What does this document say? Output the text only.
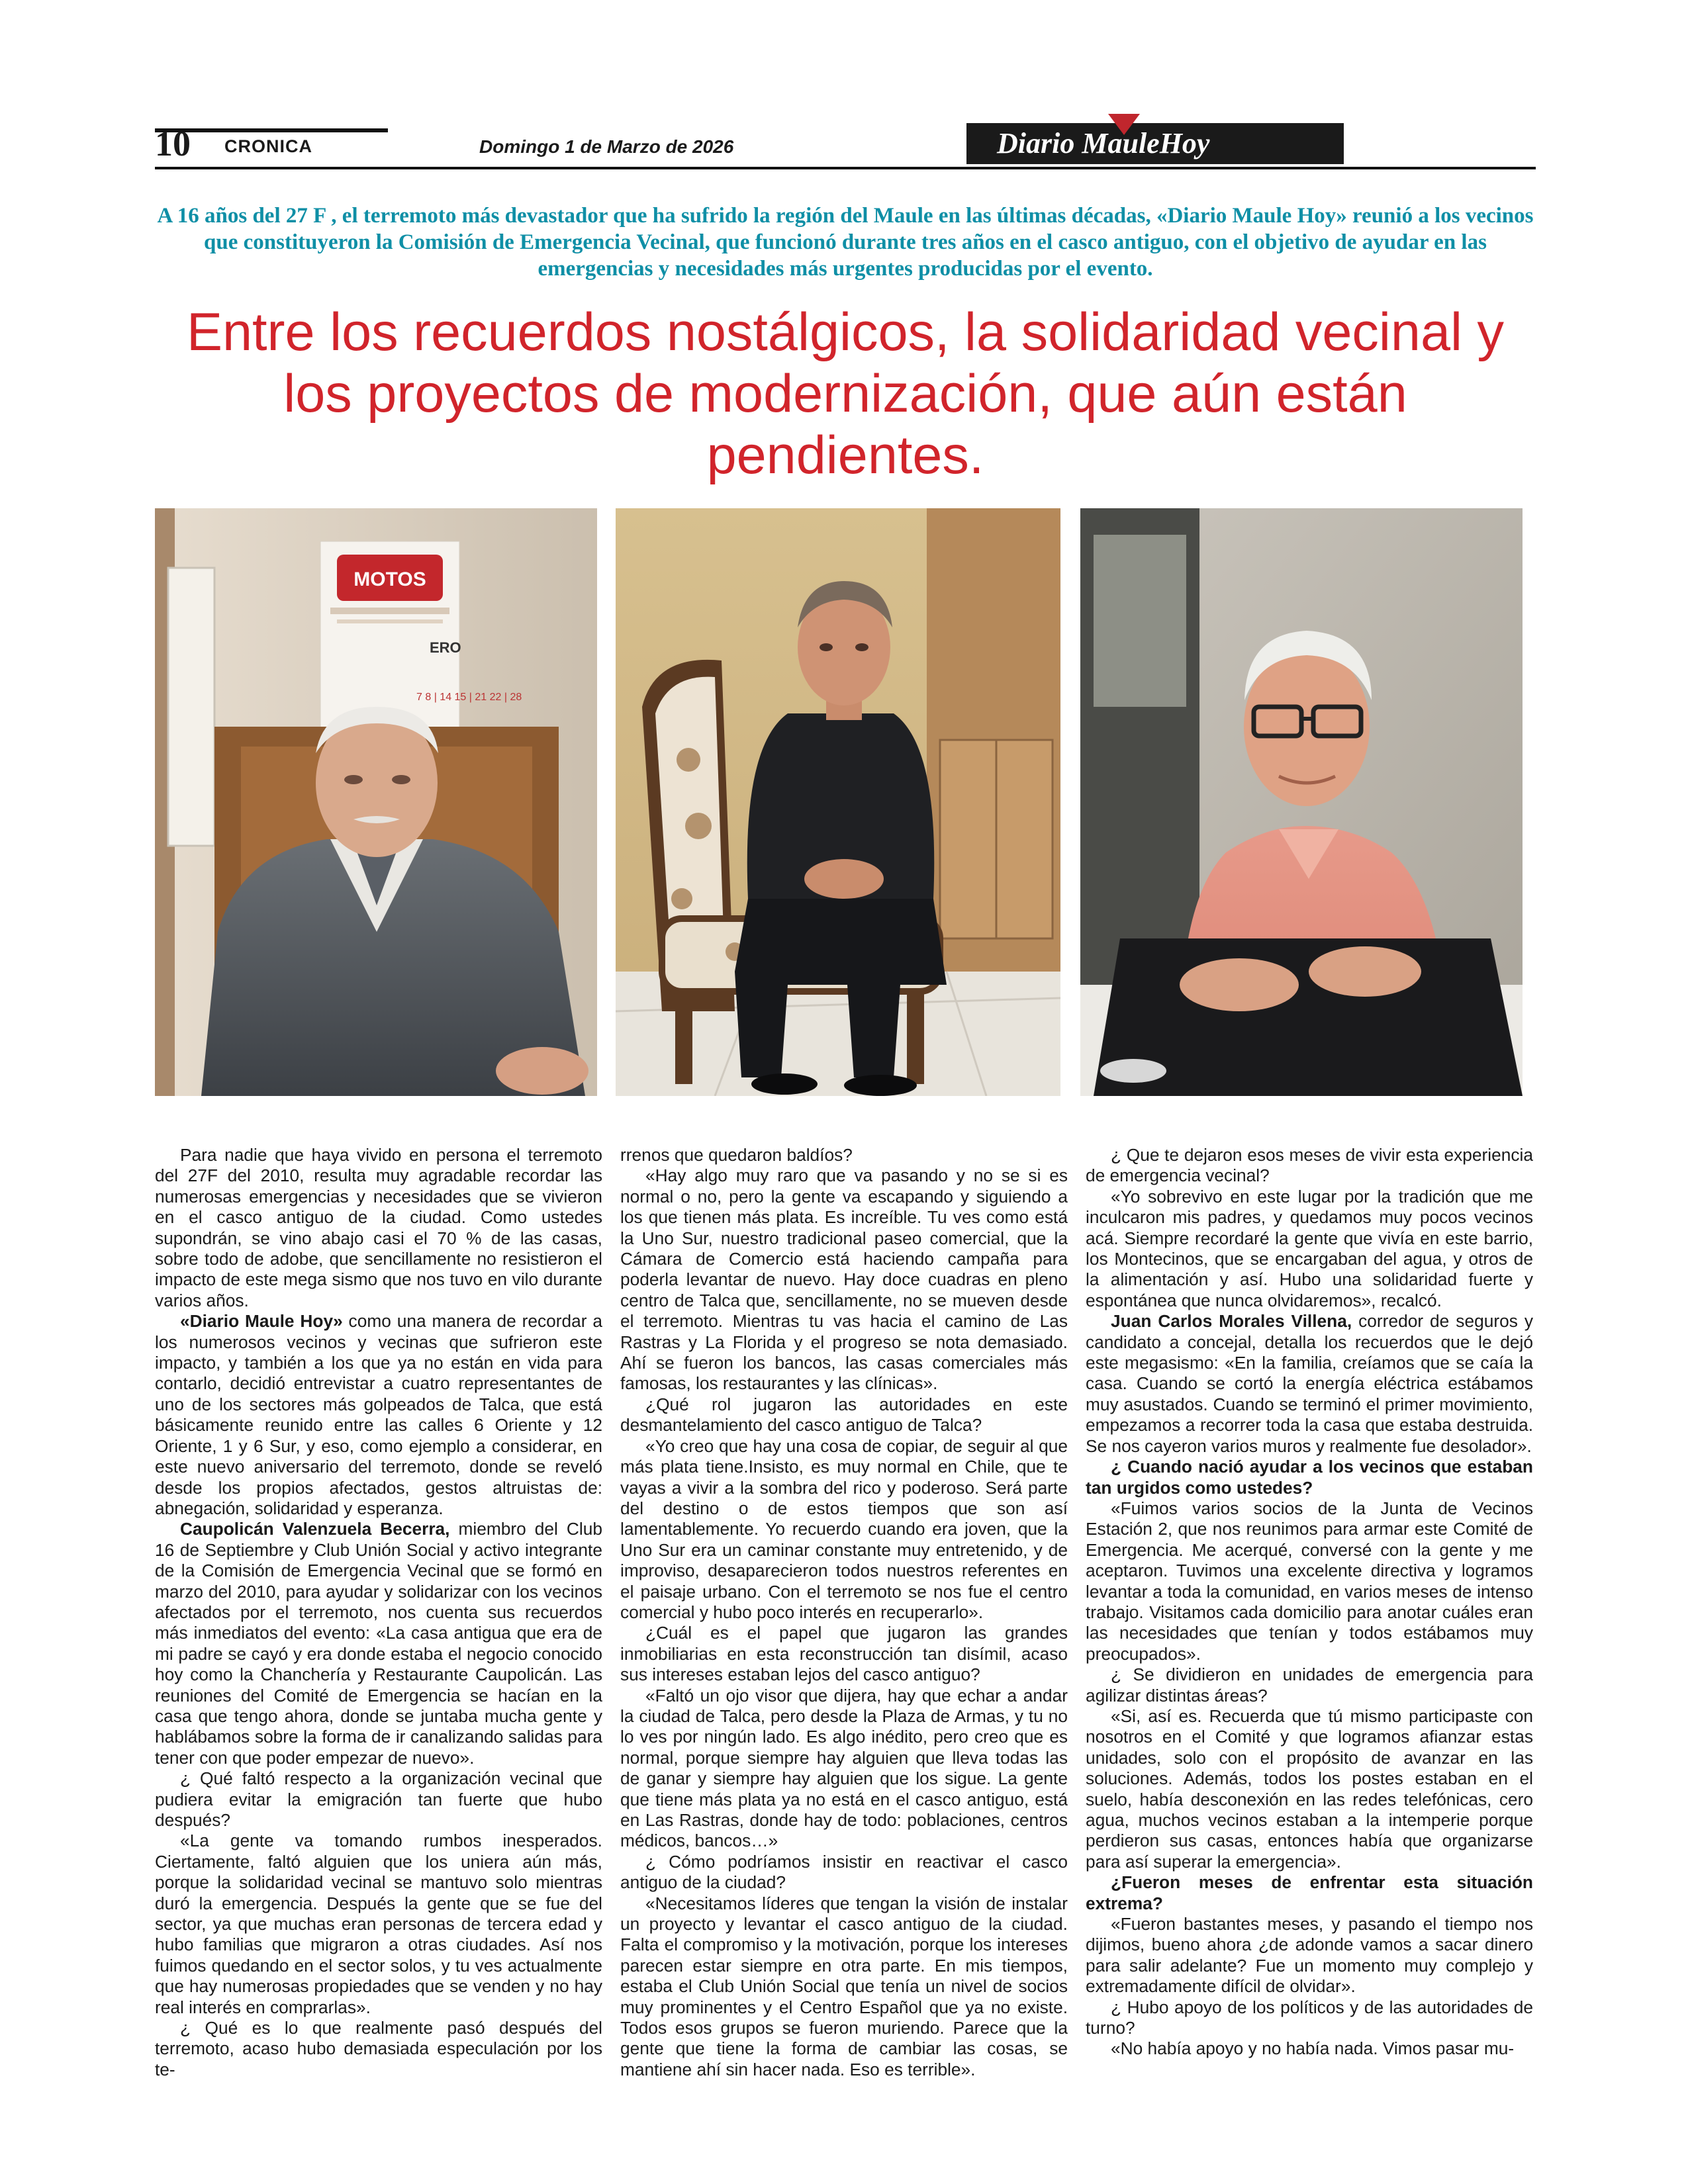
10 CRONICA	Domingo 1 de Marzo de 2026	Diario MauleHoy
A 16 años del 27 F , el terremoto más devastador que ha sufrido la región del Maule en las últimas décadas, «Diario Maule Hoy» reunió a los vecinos que constituyeron la Comisión de Emergencia Vecinal, que funcionó durante tres años en el casco antiguo, con el objetivo de ayudar en las emergencias y necesidades más urgentes producidas por el evento.
Entre los recuerdos nostálgicos, la solidaridad vecinal y los proyectos de modernización, que aún están pendientes.
MOTOS
ERO
7 8 | 14 15 | 21 22 | 28

Para nadie que haya vivido en persona el terremoto del 27F del 2010, resulta muy agradable recordar las numerosas emergencias y necesidades que se vivieron en el casco antiguo de la ciudad. Como ustedes supondrán, se vino abajo casi el 70 % de las casas, sobre todo de adobe, que sencillamente no resistieron el impacto de este mega sismo que nos tuvo en vilo durante varios años.

«Diario Maule Hoy» como una manera de recordar a los numerosos vecinos y vecinas que sufrieron este impacto, y también a los que ya no están en vida para contarlo, decidió entrevistar a cuatro representantes de uno de los sectores más golpeados de Talca, que está básicamente reunido entre las calles 6 Oriente y 12 Oriente, 1 y 6 Sur, y eso, como ejemplo a considerar, en este nuevo aniversario del terremoto, donde se reveló desde los propios afectados, gestos altruistas de: abnegación, solidaridad y esperanza.

Caupolicán Valenzuela Becerra, miembro del Club 16 de Septiembre y Club Unión Social y activo integrante de la Comisión de Emergencia Vecinal que se formó en marzo del 2010, para ayudar y solidarizar con los vecinos afectados por el terremoto, nos cuenta sus recuerdos más inmediatos del evento: «La casa antigua que era de mi padre se cayó y era donde estaba el negocio conocido hoy como la Chanchería y Restaurante Caupolicán. Las reuniones del Comité de Emergencia se hacían en la casa que tengo ahora, donde se juntaba mucha gente y hablábamos sobre la forma de ir canalizando salidas para tener con que poder empezar de nuevo».

¿ Qué faltó respecto a la organización vecinal que pudiera evitar la emigración tan fuerte que hubo después?

«La gente va tomando rumbos inesperados. Ciertamente, faltó alguien que los uniera aún más, porque la solidaridad vecinal se mantuvo solo mientras duró la emergencia. Después la gente que se fue del sector, ya que muchas eran personas de tercera edad y hubo familias que migraron a otras ciudades. Así nos fuimos quedando en el sector solos, y tu ves actualmente que hay numerosas propiedades que se venden y no hay real interés en comprarlas».

¿ Qué es lo que realmente pasó después del terremoto, acaso hubo demasiada especulación por los te-

rrenos que quedaron baldíos?

«Hay algo muy raro que va pasando y no se si es normal o no, pero la gente va escapando y siguiendo a los que tienen más plata. Es increíble. Tu ves como está la Uno Sur, nuestro tradicional paseo comercial, que la Cámara de Comercio está haciendo campaña para poderla levantar de nuevo. Hay doce cuadras en pleno centro de Talca que, sencillamente, no se mueven desde el terremoto. Mientras tu vas hacia el camino de Las Rastras y La Florida y el progreso se nota demasiado. Ahí se fueron los bancos, las casas comerciales más famosas, los restaurantes y las clínicas».

¿Qué rol jugaron las autoridades en este desmantelamiento del casco antiguo de Talca?

«Yo creo que hay una cosa de copiar, de seguir al que más plata tiene.Insisto, es muy normal en Chile, que te vayas a vivir a la sombra del rico y poderoso. Será parte del destino o de estos tiempos que son así lamentablemente. Yo recuerdo cuando era joven, que la Uno Sur era un caminar constante muy entretenido, y de improviso, desaparecieron todos nuestros referentes en el paisaje urbano. Con el terremoto se nos fue el centro comercial y hubo poco interés en recuperarlo».

¿Cuál es el papel que jugaron las grandes inmobiliarias en esta reconstrucción tan disímil, acaso sus intereses estaban lejos del casco antiguo?

«Faltó un ojo visor que dijera, hay que echar a andar la ciudad de Talca, pero desde la Plaza de Armas, y tu no lo ves por ningún lado. Es algo inédito, pero creo que es normal, porque siempre hay alguien que lleva todas las de ganar y siempre hay alguien que los sigue. La gente que tiene más plata ya no está en el casco antiguo, está en Las Rastras, donde hay de todo: poblaciones, centros médicos, bancos…»

¿ Cómo podríamos insistir en reactivar el casco antiguo de la ciudad?

«Necesitamos líderes que tengan la visión de instalar un proyecto y levantar el casco antiguo de la ciudad. Falta el compromiso y la motivación, porque los intereses parecen estar siempre en otra parte. En mis tiempos, estaba el Club Unión Social que tenía un nivel de socios muy prominentes y el Centro Español que ya no existe. Todos esos grupos se fueron muriendo. Parece que la gente que tiene la forma de cambiar las cosas, se mantiene ahí sin hacer nada. Eso es terrible».

¿ Que te dejaron esos meses de vivir esta experiencia de emergencia vecinal?

«Yo sobrevivo en este lugar por la tradición que me inculcaron mis padres, y quedamos muy pocos vecinos acá. Siempre recordaré la gente que vivía en este barrio, los Montecinos, que se encargaban del agua, y otros de la alimentación y así. Hubo una solidaridad fuerte y espontánea que nunca olvidaremos», recalcó.

Juan Carlos Morales Villena, corredor de seguros y candidato a concejal, detalla los recuerdos que le dejó este megasismo: «En la familia, creíamos que se caía la casa. Cuando se cortó la energía eléctrica estábamos muy asustados. Cuando se terminó el primer movimiento, empezamos a recorrer toda la casa que estaba destruida. Se nos cayeron varios muros y realmente fue desolador».

¿ Cuando nació ayudar a los vecinos que estaban tan urgidos como ustedes?

«Fuimos varios socios de la Junta de Vecinos Estación 2, que nos reunimos para armar este Comité de Emergencia. Me acerqué, conversé con la gente y me aceptaron. Tuvimos una excelente directiva y logramos levantar a toda la comunidad, en varios meses de intenso trabajo. Visitamos cada domicilio para anotar cuáles eran las necesidades que tenían y todos estábamos muy preocupados».

¿ Se dividieron en unidades de emergencia para agilizar distintas áreas?

«Si, así es. Recuerda que tú mismo participaste con nosotros en el Comité y que logramos afianzar estas unidades, solo con el propósito de avanzar en las soluciones. Además, todos los postes estaban en el suelo, había desconexión en las redes telefónicas, cero agua, muchos vecinos estaban a la intemperie porque perdieron sus casas, entonces había que organizarse para así superar la emergencia».

¿Fueron meses de enfrentar esta situación extrema?

«Fueron bastantes meses, y pasando el tiempo nos dijimos, bueno ahora ¿de adonde vamos a sacar dinero para salir adelante? Fue un momento muy complejo y extremadamente difícil de olvidar».

¿ Hubo apoyo de los políticos y de las autoridades de turno?

«No había apoyo y no había nada. Vimos pasar mu-
